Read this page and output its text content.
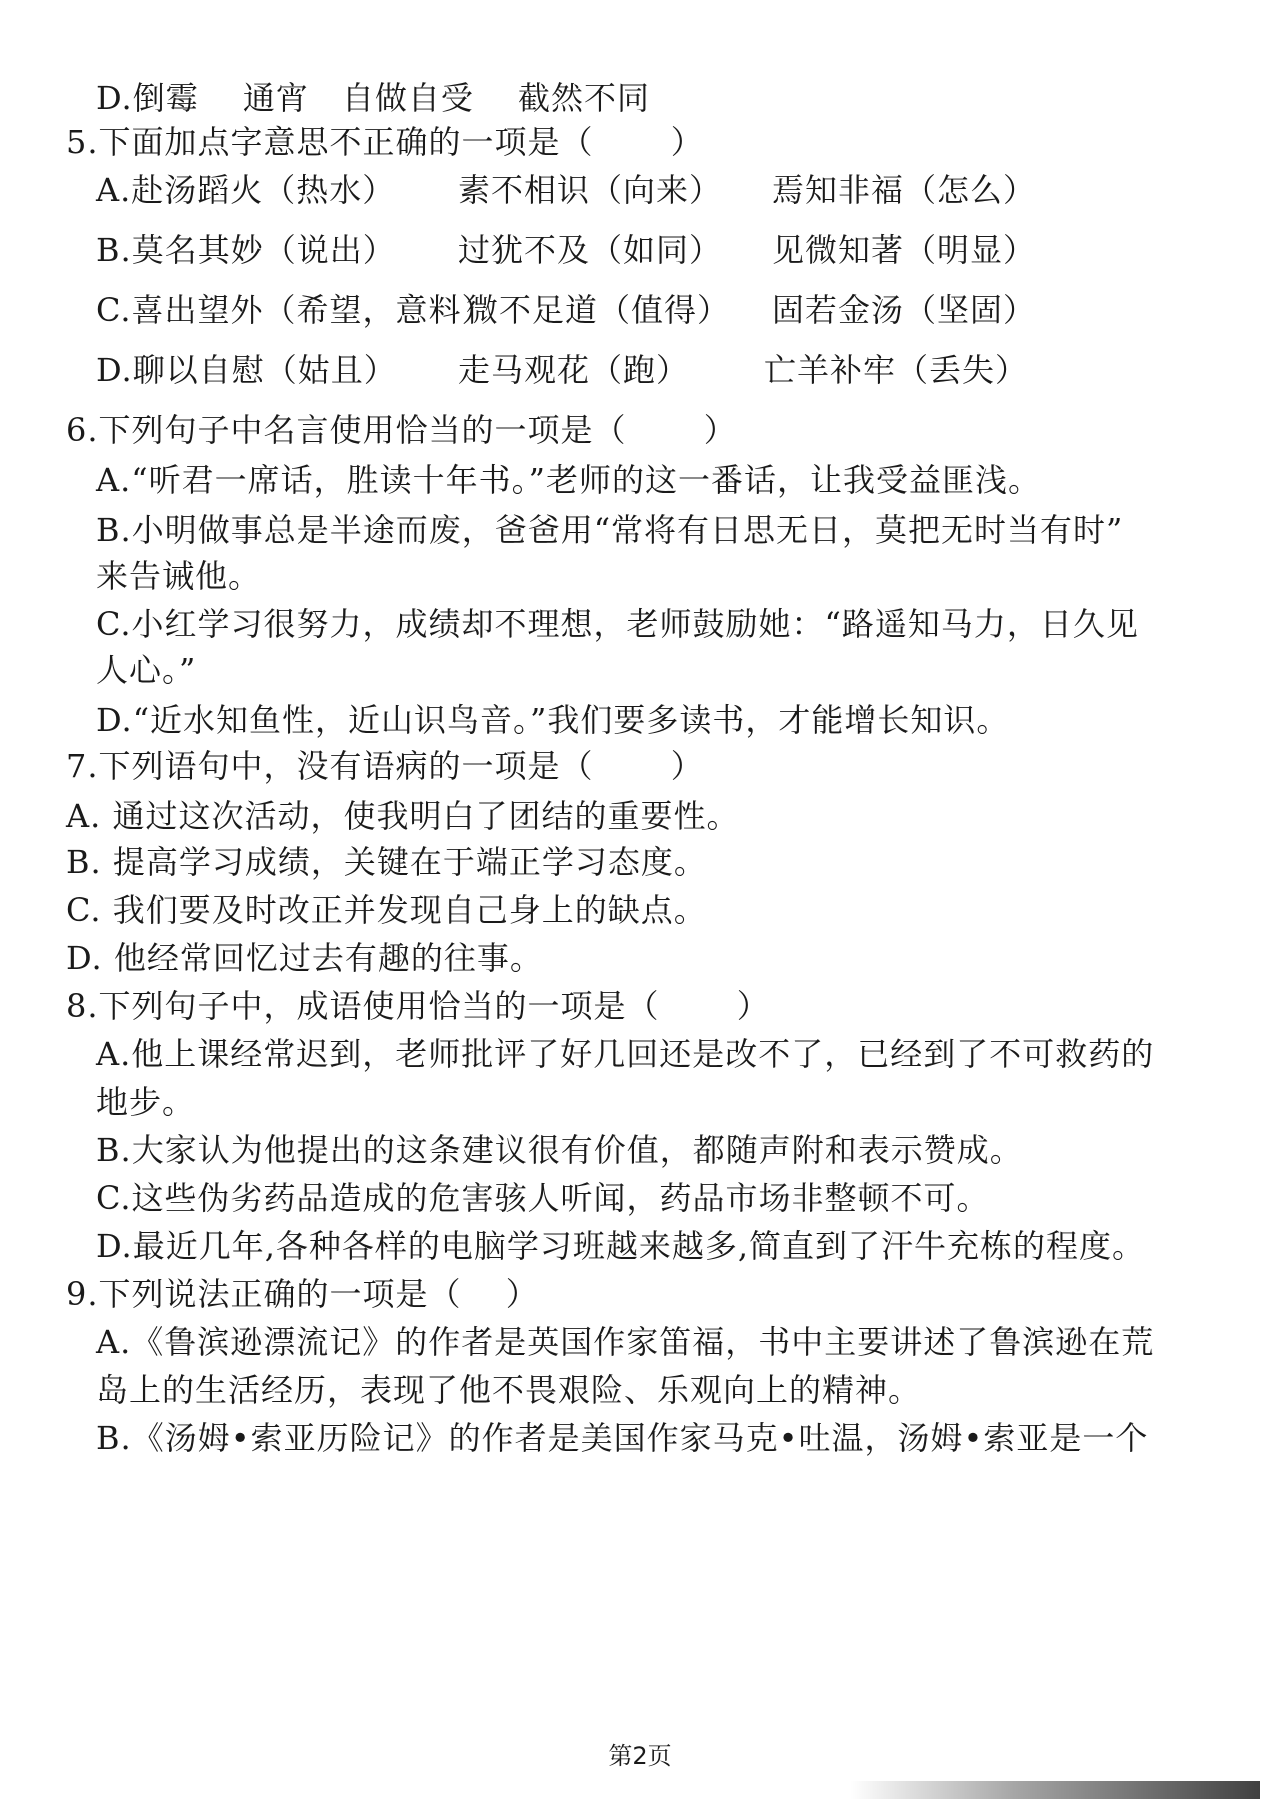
D.倒霉　 通宵　自做自受　 截然不同
5.下面加点字意思不正确的一项是（　　 ）
A.赴汤蹈火（热水） 素不相识（向来） 焉知非福（怎么）
B.莫名其妙（说出） 过犹不及（如同） 见微知著（明显）
C.喜出望外（希望，意料）
微不足道（值得） 固若金汤（坚固）
D.聊以自慰（姑且） 走马观花（跑） 亡羊补牢（丢失）
6.下列句子中名言使用恰当的一项是（　　 ）
A.“听君一席话，胜读十年书。”老师的这一番话，让我受益匪浅。
B.小明做事总是半途而废，爸爸用“常将有日思无日，莫把无时当有时”
来告诫他。
C.小红学习很努力，成绩却不理想，老师鼓励她：“路遥知马力，日久见
人心。”
D.“近水知鱼性，近山识鸟音。”我们要多读书，才能增长知识。
7.下列语句中，没有语病的一项是（　　 ）
A. 通过这次活动，使我明白了团结的重要性。
B. 提高学习成绩，关键在于端正学习态度。
C. 我们要及时改正并发现自己身上的缺点。
D. 他经常回忆过去有趣的往事。
8.下列句子中，成语使用恰当的一项是（　　 ）
A.他上课经常迟到，老师批评了好几回还是改不了，已经到了不可救药的
地步。
B.大家认为他提出的这条建议很有价值，都随声附和表示赞成。
C.这些伪劣药品造成的危害骇人听闻，药品市场非整顿不可。
D.最近几年,各种各样的电脑学习班越来越多,简直到了汗牛充栋的程度。
9.下列说法正确的一项是（　 ）
A.《鲁滨逊漂流记》的作者是英国作家笛福，书中主要讲述了鲁滨逊在荒
岛上的生活经历，表现了他不畏艰险、乐观向上的精神。
B.《汤姆•索亚历险记》的作者是美国作家马克•吐温，汤姆•索亚是一个
第2页
